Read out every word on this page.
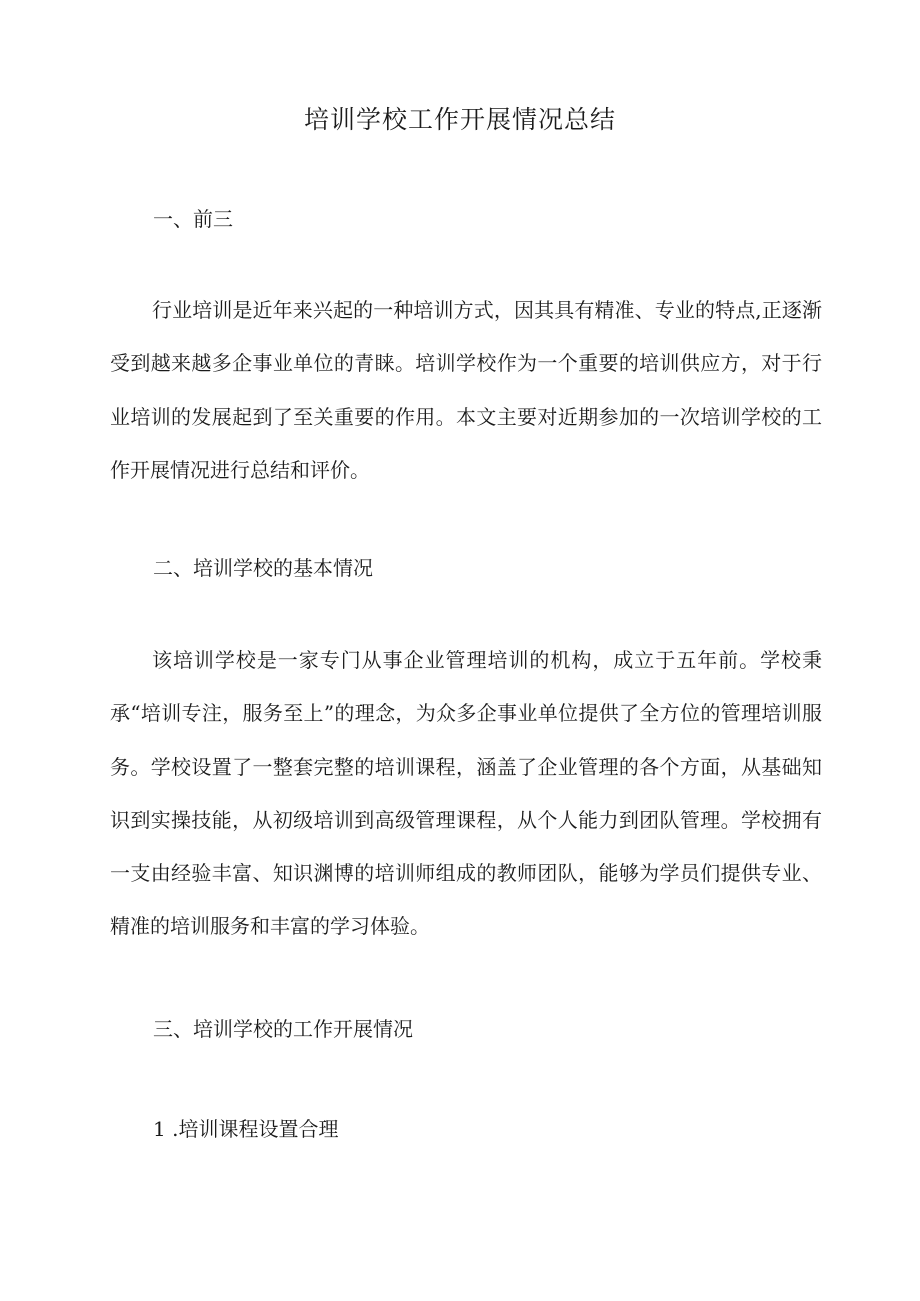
培训学校工作开展情况总结
一、前三

行业培训是近年来兴起的一种培训方式，因其具有精准、专业的特点,正逐渐受到越来越多企事业单位的青睐。培训学校作为一个重要的培训供应方，对于行业培训的发展起到了至关重要的作用。本文主要对近期参加的一次培训学校的工作开展情况进行总结和评价。

二、培训学校的基本情况

该培训学校是一家专门从事企业管理培训的机构，成立于五年前。学校秉承“培训专注，服务至上”的理念，为众多企事业单位提供了全方位的管理培训服务。学校设置了一整套完整的培训课程，涵盖了企业管理的各个方面，从基础知识到实操技能，从初级培训到高级管理课程，从个人能力到团队管理。学校拥有一支由经验丰富、知识渊博的培训师组成的教师团队，能够为学员们提供专业、精准的培训服务和丰富的学习体验。

三、培训学校的工作开展情况
1 .培训课程设置合理
